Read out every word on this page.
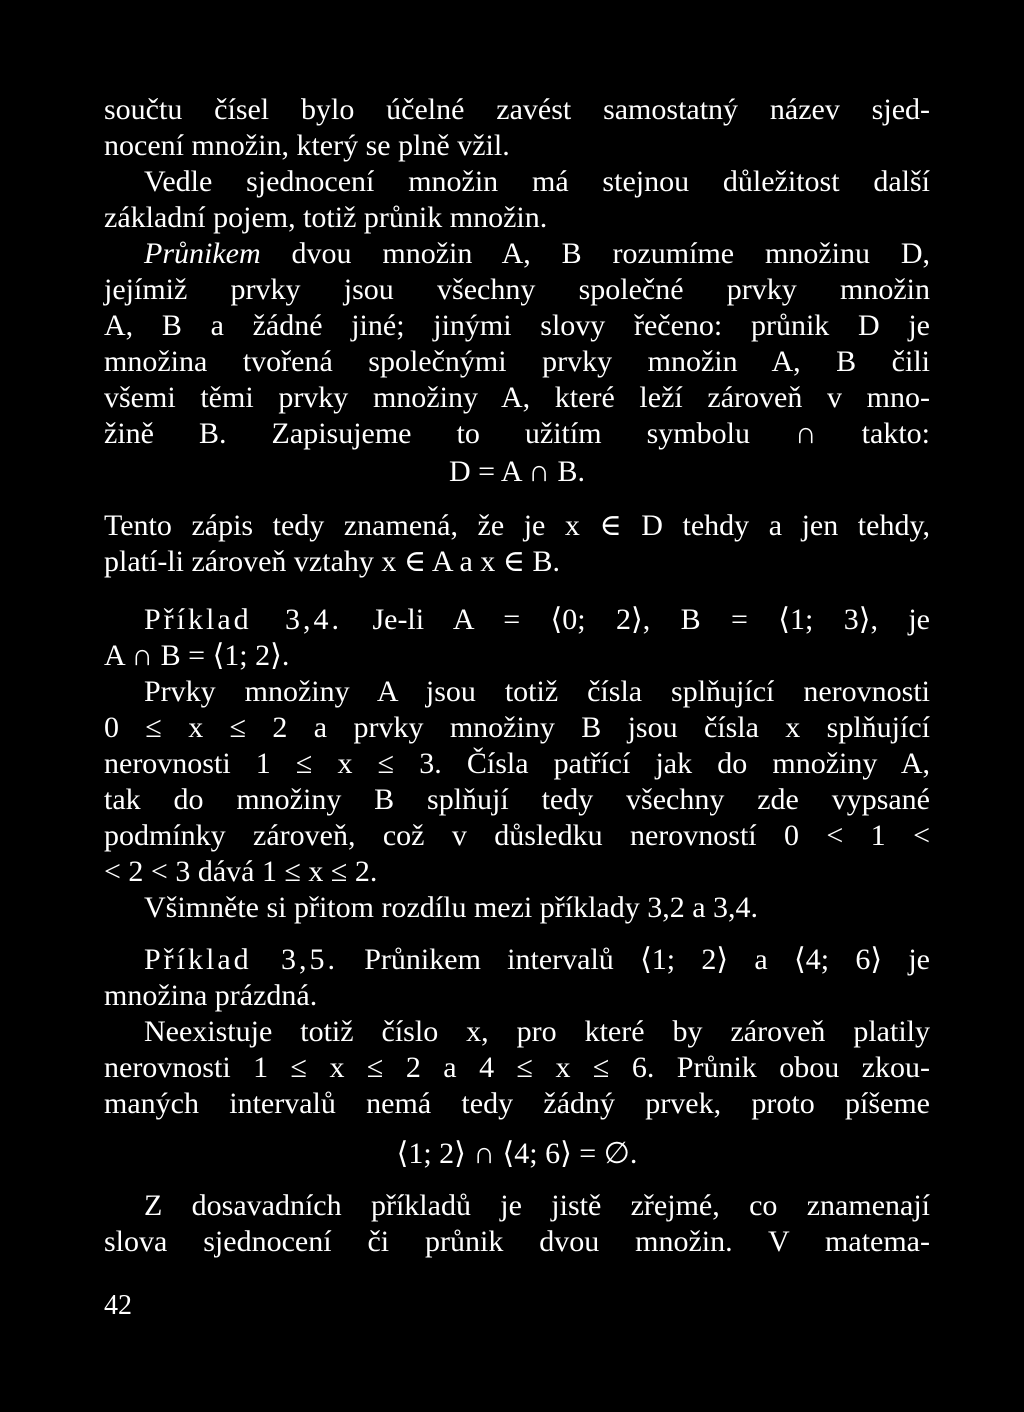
součtu čísel bylo účelné zavést samostatný název sjed-
nocení množin, který se plně vžil.
Vedle sjednocení množin má stejnou důležitost další
základní pojem, totiž průnik množin.
Průnikem dvou množin A, B rozumíme množinu D,
jejímiž prvky jsou všechny společné prvky množin
A, B a žádné jiné; jinými slovy řečeno: průnik D je
množina tvořená společnými prvky množin A, B čili
všemi těmi prvky množiny A, které leží zároveň v mno-
žině B. Zapisujeme to užitím symbolu ∩ takto:
D = A ∩ B.
Tento zápis tedy znamená, že je x ∈ D tehdy a jen tehdy,
platí-li zároveň vztahy x ∈ A a x ∈ B.
Příklad 3,4. Je-li A = ⟨0; 2⟩, B = ⟨1; 3⟩, je
A ∩ B = ⟨1; 2⟩.
Prvky množiny A jsou totiž čísla splňující nerovnosti
0 ≤ x ≤ 2 a prvky množiny B jsou čísla x splňující
nerovnosti 1 ≤ x ≤ 3. Čísla patřící jak do množiny A,
tak do množiny B splňují tedy všechny zde vypsané
podmínky zároveň, což v důsledku nerovností 0 < 1 <
< 2 < 3 dává 1 ≤ x ≤ 2.
Všimněte si přitom rozdílu mezi příklady 3,2 a 3,4.
Příklad 3,5. Průnikem intervalů ⟨1; 2⟩ a ⟨4; 6⟩ je
množina prázdná.
Neexistuje totiž číslo x, pro které by zároveň platily
nerovnosti 1 ≤ x ≤ 2 a 4 ≤ x ≤ 6. Průnik obou zkou-
maných intervalů nemá tedy žádný prvek, proto píšeme
⟨1; 2⟩ ∩ ⟨4; 6⟩ = ∅.
Z dosavadních příkladů je jistě zřejmé, co znamenají
slova sjednocení či průnik dvou množin. V matema-
42
